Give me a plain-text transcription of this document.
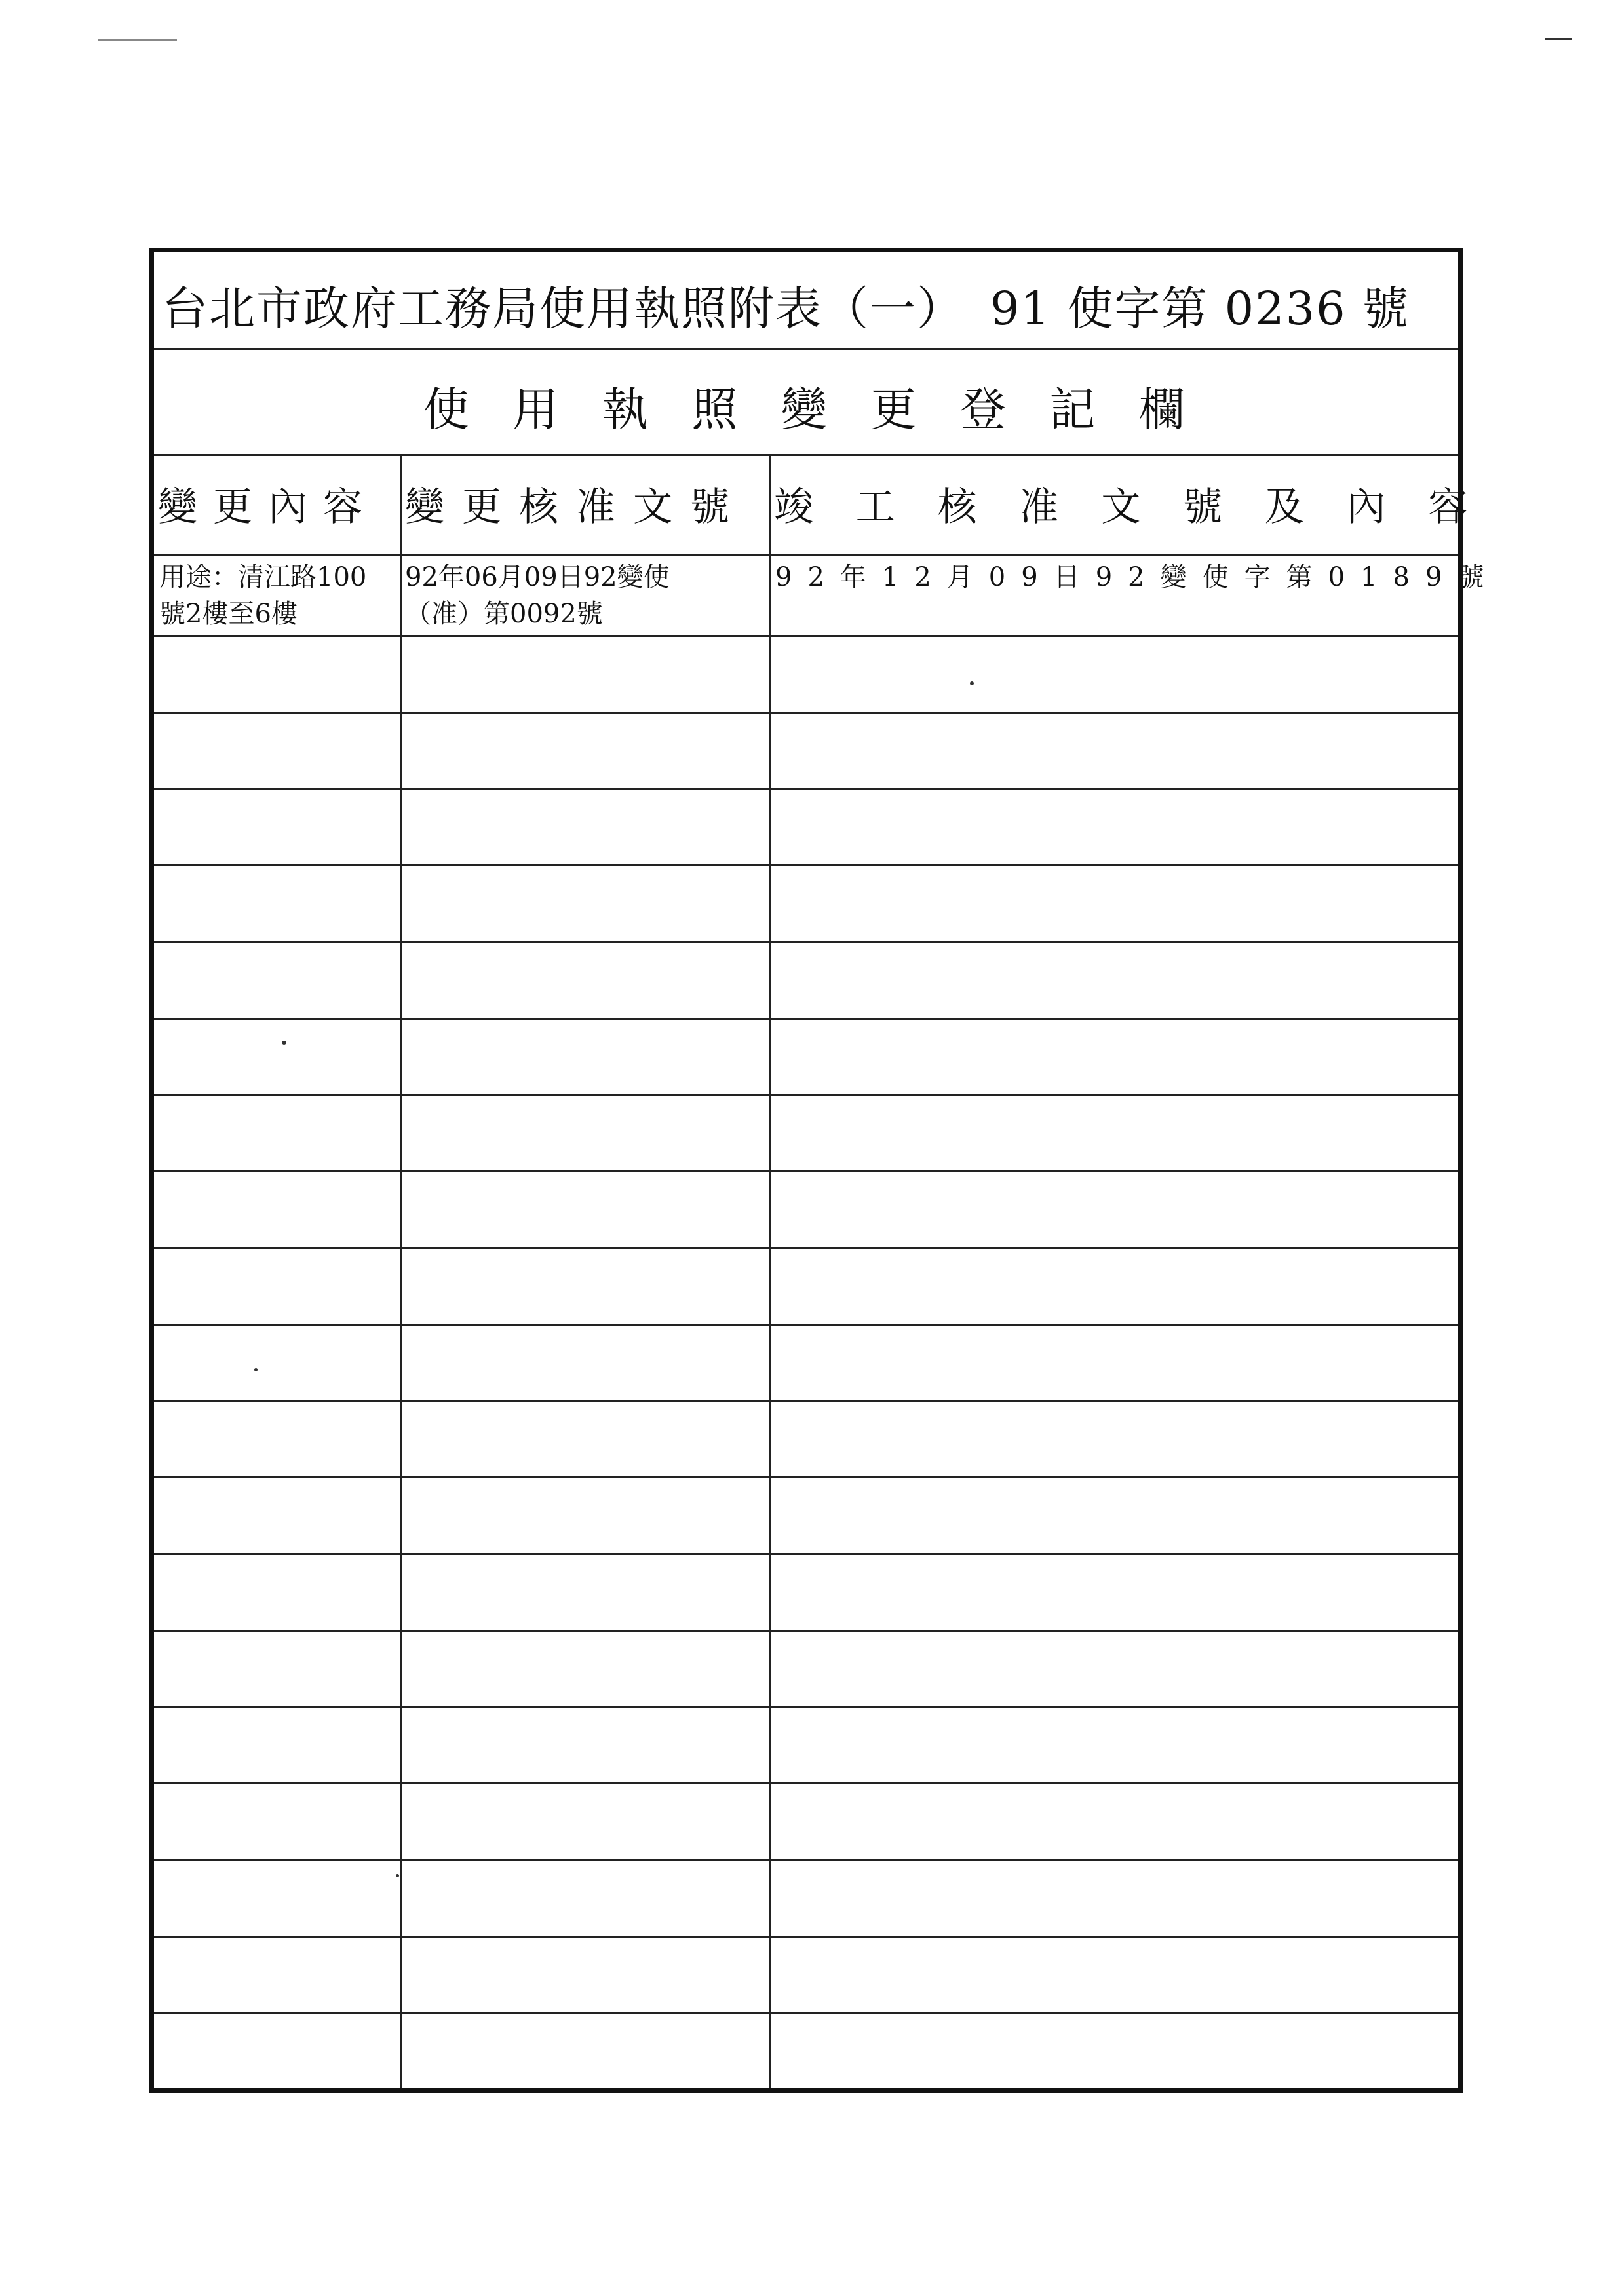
台北市政府工務局使用執照附表（一） 91 使字第 0236 號
使用執照變更登記欄
變更內容 變更核准文號 竣工核准文號及內容
用途：清江路100
號2樓至6樓
92年06月09日92變使
（准）第0092號
92年12月09日92變使字第0189號
